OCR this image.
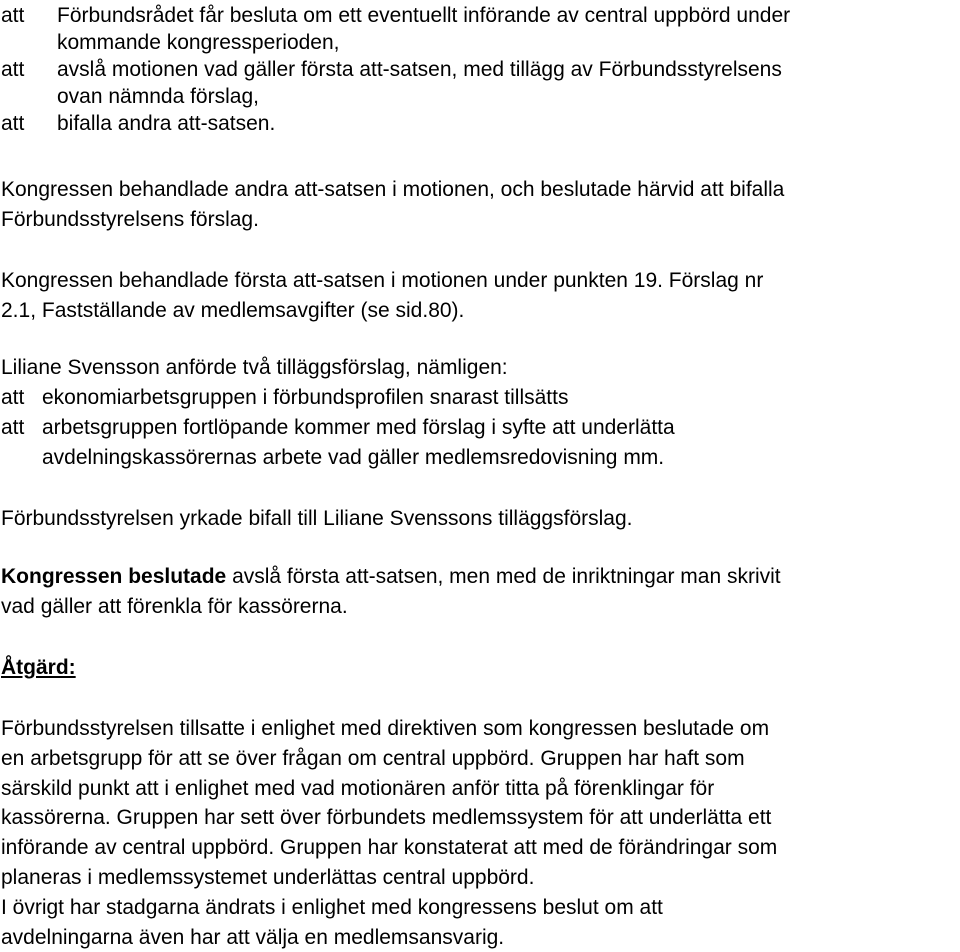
att	Förbundsrådet får besluta om ett eventuellt införande av central uppbörd under
kommande kongressperioden,
att	avslå motionen vad gäller första att-satsen, med tillägg av Förbundsstyrelsens
ovan nämnda förslag,
att	bifalla andra att-satsen.
Kongressen behandlade andra att-satsen i motionen, och beslutade härvid att bifalla
Förbundsstyrelsens förslag.
Kongressen behandlade första att-satsen i motionen under punkten 19. Förslag nr
2.1, Fastställande av medlemsavgifter (se sid.80).
Liliane Svensson anförde två tilläggsförslag, nämligen:
att ekonomiarbetsgruppen i förbundsprofilen snarast tillsätts
att arbetsgruppen fortlöpande kommer med förslag i syfte att underlätta
avdelningskassörernas arbete vad gäller medlemsredovisning mm.
Förbundsstyrelsen yrkade bifall till Liliane Svenssons tilläggsförslag.
Kongressen beslutade avslå första att-satsen, men med de inriktningar man skrivit
vad gäller att förenkla för kassörerna.
Åtgärd:
Förbundsstyrelsen tillsatte i enlighet med direktiven som kongressen beslutade om
en arbetsgrupp för att se över frågan om central uppbörd. Gruppen har haft som
särskild punkt att i enlighet med vad motionären anför titta på förenklingar för
kassörerna. Gruppen har sett över förbundets medlemssystem för att underlätta ett
införande av central uppbörd. Gruppen har konstaterat att med de förändringar som
planeras i medlemssystemet underlättas central uppbörd.
I övrigt har stadgarna ändrats i enlighet med kongressens beslut om att
avdelningarna även har att välja en medlemsansvarig.
